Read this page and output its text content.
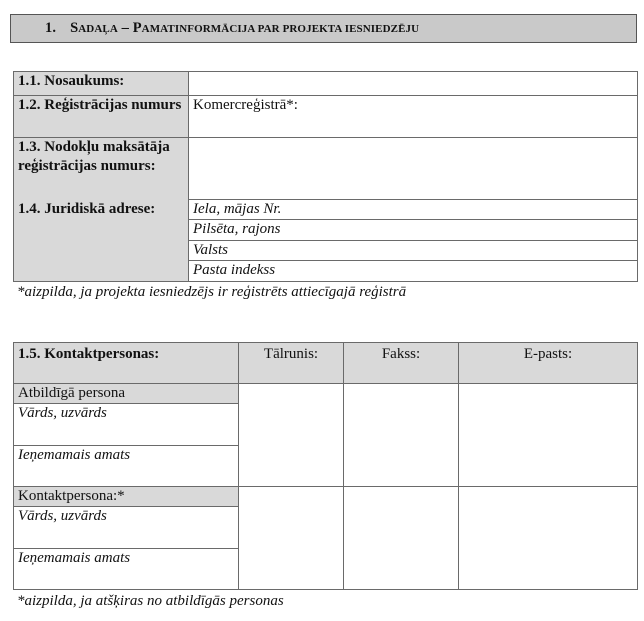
1. SADAĻA – PAMATINFORMĀCIJA PAR PROJEKTA IESNIEDZĒJU
1.1. Nosaukums:	
1.2. Reģistrācijas numurs	Komercreģistrā*:
1.3. Nodokļu maksātāja reģistrācijas numurs:	
1.4. Juridiskā adrese:	Iela, mājas Nr.
	Pilsēta, rajons
	Valsts
	Pasta indekss
*aizpilda, ja projekta iesniedzējs ir reģistrēts attiecīgajā reģistrā
1.5. Kontaktpersonas:	Tālrunis:	Fakss:	E-pasts:
Atbildīgā persona			
Vārds, uzvārds			
Ieņemamais amats			
Kontaktpersona:*			
Vārds, uzvārds			
Ieņemamais amats			
*aizpilda, ja atšķiras no atbildīgās personas
